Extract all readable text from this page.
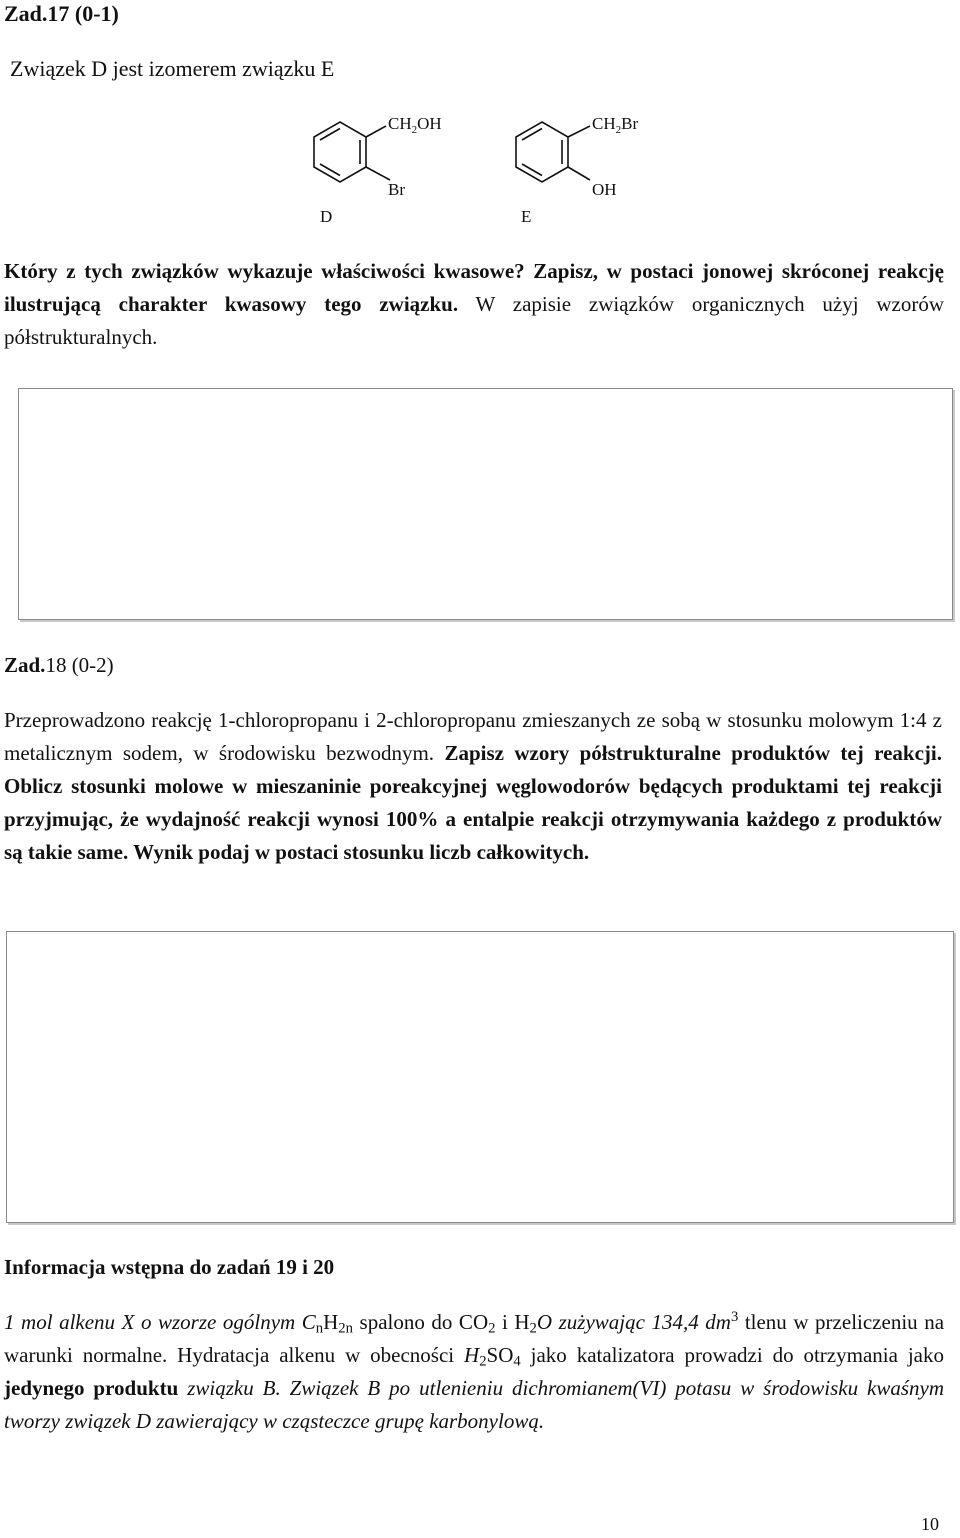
Zad.17 (0-1)
Związek D jest izomerem związku E
$CH_2OH$
Br
D
$CH_2Br$
OH
E

Który z tych związków wykazuje właściwości kwasowe? Zapisz, w postaci jonowej skróconej reakcję ilustrującą charakter kwasowy tego związku. W zapisie związków organicznych użyj wzorów półstrukturalnych.

Zad.18 (0-2)

Przeprowadzono reakcję 1-chloropropanu i 2-chloropropanu zmieszanych ze sobą w stosunku molowym 1:4 z metalicznym sodem, w środowisku bezwodnym. Zapisz wzory półstrukturalne produktów tej reakcji. Oblicz stosunki molowe w mieszaninie poreakcyjnej węglowodorów będących produktami tej reakcji przyjmując, że wydajność reakcji wynosi 100% a entalpie reakcji otrzymywania każdego z produktów są takie same. Wynik podaj w postaci stosunku liczb całkowitych.

Informacja wstępna do zadań 19 i 20

1 mol alkenu X o wzorze ogólnym $C_nH_{2n}$ spalono do $CO_2$ i $H_2O$ zużywając 134,4 $dm^3$ tlenu w przeliczeniu na warunki normalne. Hydratacja alkenu w obecności $H_2SO_4$ jako katalizatora prowadzi do otrzymania jako jedynego produktu związku B. Związek B po utlenieniu dichromianem(VI) potasu w środowisku kwaśnym tworzy związek D zawierający w cząsteczce grupę karbonylową.

10
